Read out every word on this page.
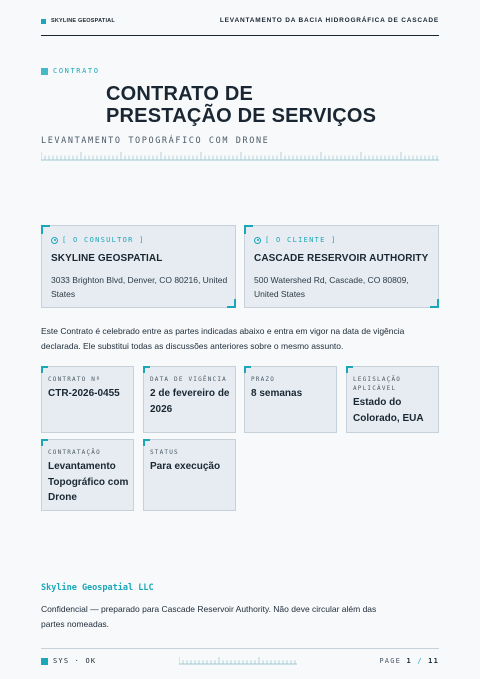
SKYLINE GEOSPATIAL	LEVANTAMENTO DA BACIA HIDROGRÁFICA DE CASCADE
CONTRATO
CONTRATO DE
PRESTAÇÃO DE SERVIÇOS
LEVANTAMENTO TOPOGRÁFICO COM DRONE
[ O CONSULTOR ]
SKYLINE GEOSPATIAL
3033 Brighton Blvd, Denver, CO 80216, United States
[ O CLIENTE ]
CASCADE RESERVOIR AUTHORITY
500 Watershed Rd, Cascade, CO 80809, United States

Este Contrato é celebrado entre as partes indicadas abaixo e entra em vigor na data de vigência declarada. Ele substitui todas as discussões anteriores sobre o mesmo assunto.

CONTRATO Nº
CTR-2026-0455
DATA DE VIGÊNCIA
2 de fevereiro de 2026
PRAZO
8 semanas
LEGISLAÇÃO APLICÁVEL
Estado do Colorado, EUA
CONTRATAÇÃO
Levantamento Topográfico com Drone
STATUS
Para execução
Skyline Geospatial LLC

Confidencial — preparado para Cascade Reservoir Authority. Não deve circular além das partes nomeadas.

SYS · OK	PAGE 1 / 11
